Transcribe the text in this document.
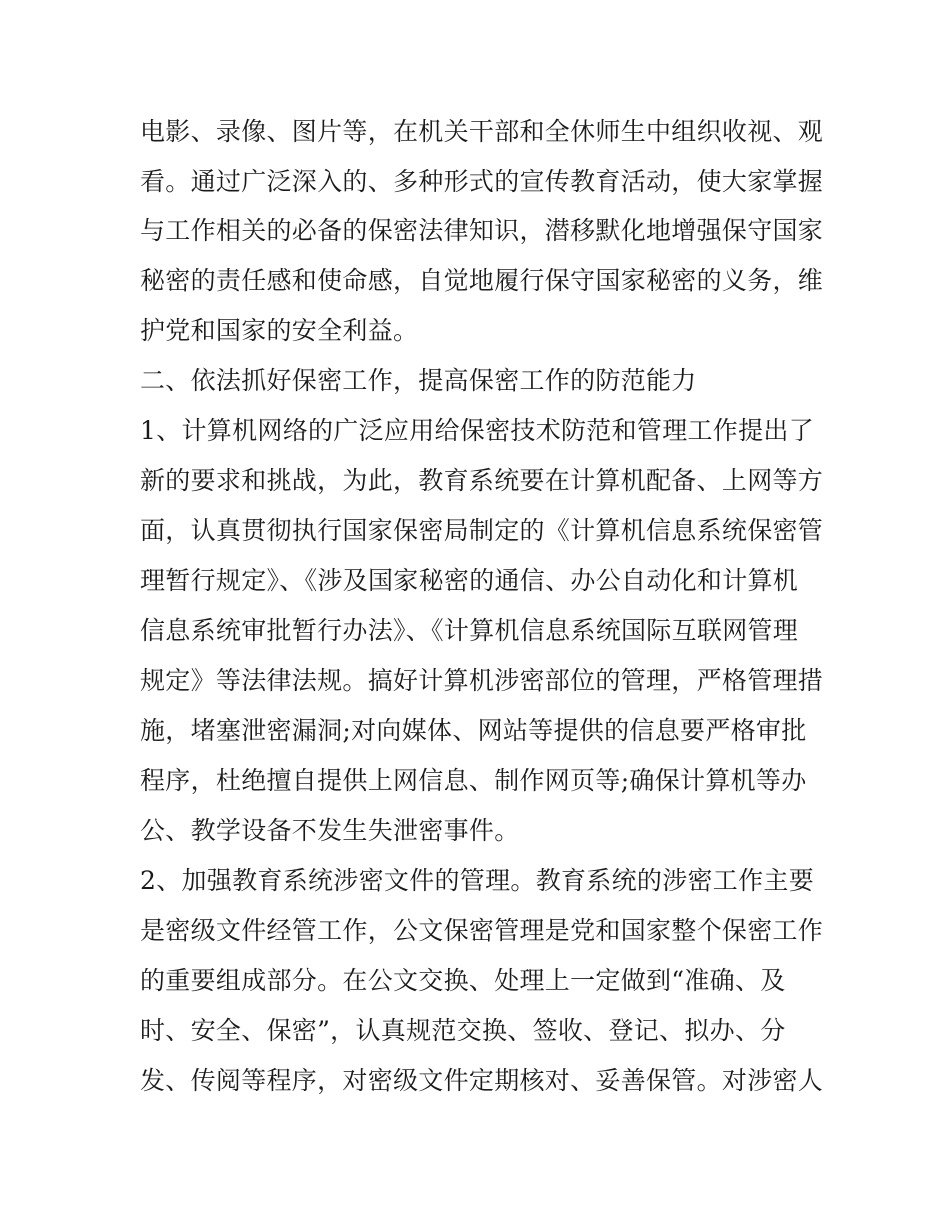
电影、录像、图片等，在机关干部和全休师生中组织收视、观
看。通过广泛深入的、多种形式的宣传教育活动，使大家掌握
与工作相关的必备的保密法律知识，潜移默化地增强保守国家
秘密的责任感和使命感，自觉地履行保守国家秘密的义务，维
护党和国家的安全利益。
二、依法抓好保密工作，提高保密工作的防范能力
1、计算机网络的广泛应用给保密技术防范和管理工作提出了
新的要求和挑战，为此，教育系统要在计算机配备、上网等方
面，认真贯彻执行国家保密局制定的《计算机信息系统保密管
理暂行规定》、《涉及国家秘密的通信、办公自动化和计算机
信息系统审批暂行办法》、《计算机信息系统国际互联网管理
规定》等法律法规。搞好计算机涉密部位的管理，严格管理措
施，堵塞泄密漏洞;对向媒体、网站等提供的信息要严格审批
程序，杜绝擅自提供上网信息、制作网页等;确保计算机等办
公、教学设备不发生失泄密事件。
2、加强教育系统涉密文件的管理。教育系统的涉密工作主要
是密级文件经管工作，公文保密管理是党和国家整个保密工作
的重要组成部分。在公文交换、处理上一定做到“准确、及
时、安全、保密”，认真规范交换、签收、登记、拟办、分
发、传阅等程序，对密级文件定期核对、妥善保管。对涉密人
